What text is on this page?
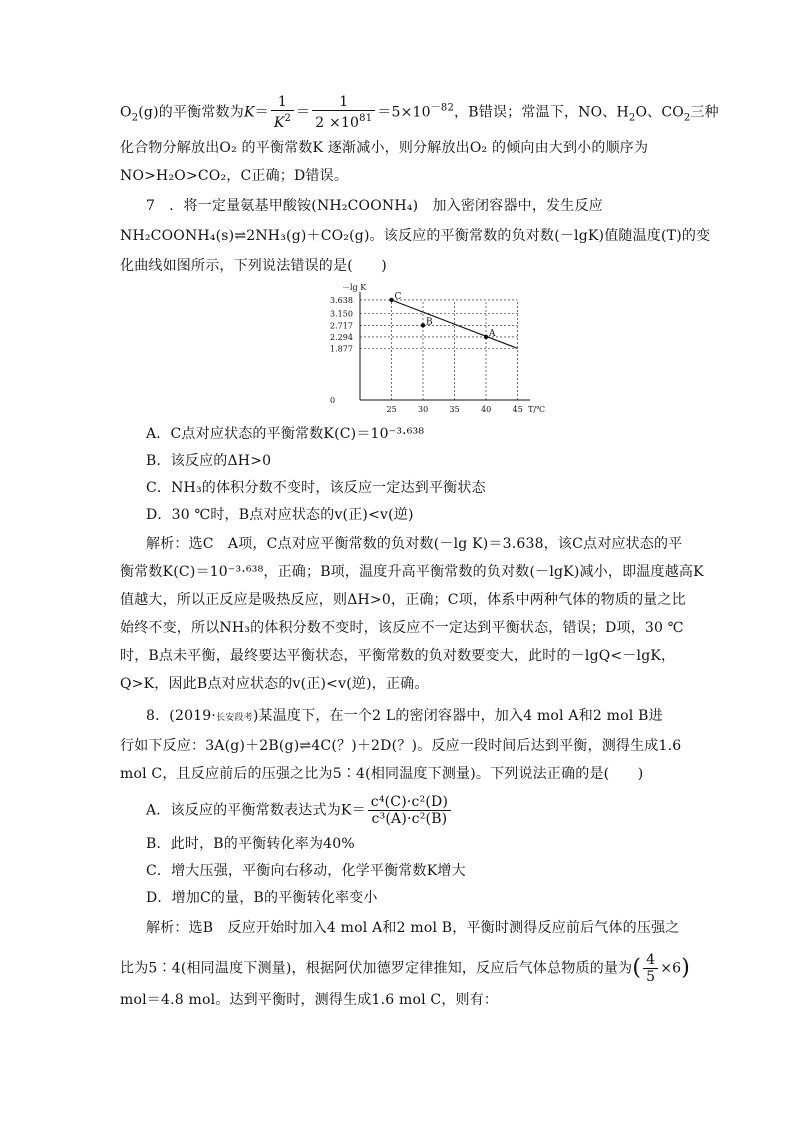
$O_2(g)$的平衡常数为$K= \frac{1}{K^2} = \frac{1}{2 \times 10^{81}} =5\times 10^{-82}$，B错误；常温下，NO、$H_2O$、$CO_2$三种
化合物分解放出O₂ 的平衡常数K 逐渐减小，则分解放出O₂ 的倾向由大到小的顺序为
NO>H₂O>CO₂，C正确；D错误。
7　．将一定量氨基甲酸铵(NH₂COONH₄)　加入密闭容器中，发生反应
NH₂COONH₄(s)⇌2NH₃(g)＋CO₂(g)。该反应的平衡常数的负对数(－lgK)值随温度(T)的变
化曲线如图所示，下列说法错误的是(　　)
－lg K
T/℃
25	30	35	40	45
3.638
3.150
2.717
2.294
1.877
0
C
B
A
A．C点对应状态的平衡常数K(C)＝10⁻³·⁶³⁸
B．该反应的ΔH>0
C．NH₃的体积分数不变时，该反应一定达到平衡状态
D．30 ℃时，B点对应状态的v(正)<v(逆)
解析：选C　A项，C点对应平衡常数的负对数(－lg K)＝3.638，该C点对应状态的平
衡常数K(C)＝10⁻³·⁶³⁸，正确；B项，温度升高平衡常数的负对数(－lgK)减小，即温度越高K
值越大，所以正反应是吸热反应，则ΔH>0，正确；C项，体系中两种气体的物质的量之比
始终不变，所以NH₃的体积分数不变时，该反应不一定达到平衡状态，错误；D项，30 ℃
时，B点未平衡，最终要达平衡状态，平衡常数的负对数要变大，此时的－lgQ<－lgK，
Q>K，因此B点对应状态的v(正)<v(逆)，正确。
8．(2019·长安段考)某温度下，在一个2 L的密闭容器中，加入4 mol A和2 mol B进
行如下反应：3A(g)＋2B(g)⇌4C(？)＋2D(？)。反应一段时间后达到平衡，测得生成1.6
mol C，且反应前后的压强之比为5∶4(相同温度下测量)。下列说法正确的是(　　)
A．该反应的平衡常数表达式为$K= \frac{\text{c⁴(C)·c²(D)}}{\text{c³(A)·c²(B)}}$
B．此时，B的平衡转化率为40%
C．增大压强，平衡向右移动，化学平衡常数K增大
D．增加C的量，B的平衡转化率变小
解析：选B　反应开始时加入4 mol A和2 mol B，平衡时测得反应前后气体的压强之
比为5∶4(相同温度下测量)，根据阿伏加德罗定律推知，反应后气体总物质的量为( $\frac{4}{5} \times 6$)
mol＝4.8 mol。达到平衡时，测得生成1.6 mol C，则有：
